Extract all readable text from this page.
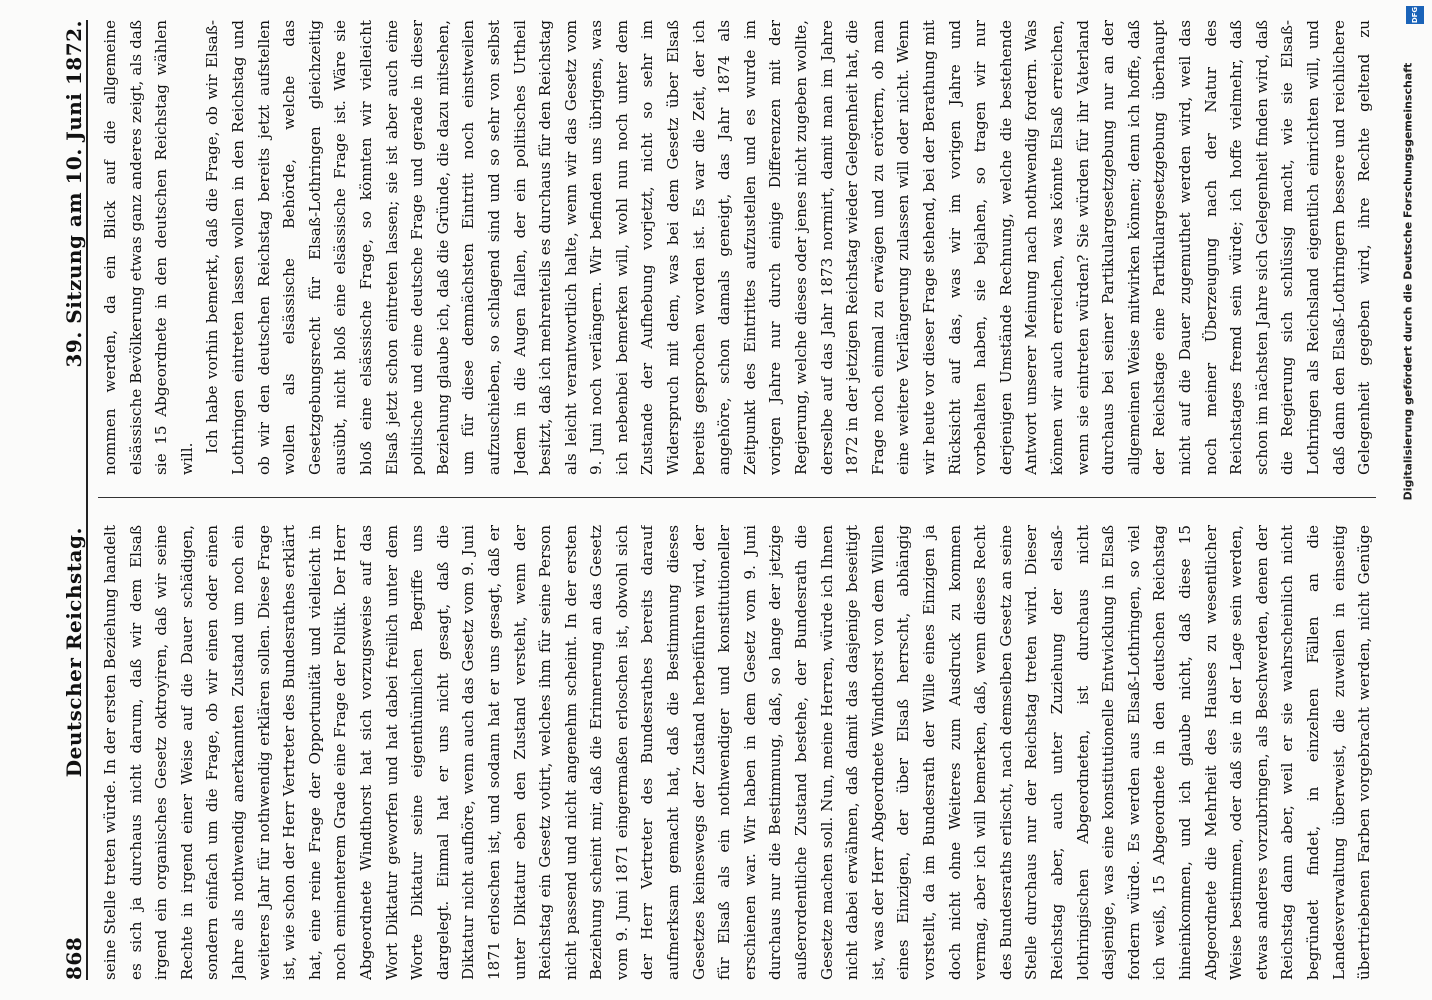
868
Deutscher Reichstag.
39. Sitzung am 10. Juni 1872.

seine Stelle treten würde. In der ersten Beziehung handelt es sich ja durchaus nicht darum, daß wir dem Elsaß irgend ein organisches Gesetz oktroyiren, daß wir seine Rechte in irgend einer Weise auf die Dauer schädigen, sondern einfach um die Frage, ob wir einen oder einen Jahre als nothwendig anerkannten Zustand um noch ein weiteres Jahr für nothwendig erklären sollen. Diese Frage ist, wie schon der Herr Vertreter des Bundesrathes erklärt hat, eine reine Frage der Opportunität und vielleicht in noch eminenterem Grade eine Frage der Politik. Der Herr Abgeordnete Windthorst hat sich vorzugsweise auf das Wort Diktatur geworfen und hat dabei freilich unter dem Worte Diktatur seine eigenthümlichen Begriffe uns dargelegt. Einmal hat er uns nicht gesagt, daß die Diktatur nicht aufhöre, wenn auch das Gesetz vom 9. Juni 1871 erloschen ist, und sodann hat er uns gesagt, daß er unter Diktatur eben den Zustand versteht, wenn der Reichstag ein Gesetz votirt, welches ihm für seine Person nicht passend und nicht angenehm scheint. In der ersten Beziehung scheint mir, daß die Erinnerung an das Gesetz vom 9. Juni 1871 eingermaßen erloschen ist, obwohl sich der Herr Vertreter des Bundesrathes bereits darauf aufmerksam gemacht hat, daß die Bestimmung dieses Gesetzes keineswegs der Zustand herbeiführen wird, der für Elsaß als ein nothwendiger und konstitutioneller erschienen war. Wir haben in dem Gesetz vom 9. Juni durchaus nur die Bestimmung, daß, so lange der jetzige außerordentliche Zustand bestehe, der Bundesrath die Gesetze machen soll. Nun, meine Herren, würde ich Ihnen nicht dabei erwähnen, daß damit das dasjenige beseitigt ist, was der Herr Abgeordnete Windthorst von dem Willen eines Einzigen, der über Elsaß herrscht, abhängig vorstellt, da im Bundesrath der Wille eines Einzigen ja doch nicht ohne Weiteres zum Ausdruck zu kommen vermag, aber ich will bemerken, daß, wenn dieses Recht des Bundesraths erlischt, nach demselben Gesetz an seine Stelle durchaus nur der Reichstag treten wird. Dieser Reichstag aber, auch unter Zuziehung der elsaß-lothringischen Abgeordneten, ist durchaus nicht dasjenige, was eine konstitutionelle Entwicklung in Elsaß fordern würde. Es werden aus Elsaß-Lothringen, so viel ich weiß, 15 Abgeordnete in den deutschen Reichstag hineinkommen, und ich glaube nicht, daß diese 15 Abgeordnete die Mehrheit des Hauses zu wesentlicher Weise bestimmen, oder daß sie in der Lage sein werden, etwas anderes vorzubringen, als Beschwerden, denen der Reichstag dann aber, weil er sie wahrscheinlich nicht begründet findet, in einzelnen Fällen an die Landesverwaltung überweist, die zuweilen in einseitig übertriebenen Farben vorgebracht werden, nicht Genüge

nommen werden, da ein Blick auf die allgemeine elsässische Bevölkerung etwas ganz anderes zeigt, als daß sie 15 Abgeordnete in den deutschen Reichstag wählen will.

Ich habe vorhin bemerkt, daß die Frage, ob wir Elsaß-Lothringen eintreten lassen wollen in den Reichstag und ob wir den deutschen Reichstag bereits jetzt aufstellen wollen als elsässische Behörde, welche das Gesetzgebungsrecht für Elsaß-Lothringen gleichzeitig ausübt, nicht bloß eine elsässische Frage ist. Wäre sie bloß eine elsässische Frage, so könnten wir vielleicht Elsaß jetzt schon eintreten lassen; sie ist aber auch eine politische und eine deutsche Frage und gerade in dieser Beziehung glaube ich, daß die Gründe, die dazu mitsehen, um für diese demnächsten Eintritt noch einstweilen aufzuschieben, so schlagend sind und so sehr von selbst Jedem in die Augen fallen, der ein politisches Urtheil besitzt, daß ich mehrenteils es durchaus für den Reichstag als leicht verantwortlich halte, wenn wir das Gesetz vom 9. Juni noch verlängern. Wir befinden uns übrigens, was ich nebenbei bemerken will, wohl nun noch unter dem Zustande der Aufhebung vorjetzt, nicht so sehr im Widerspruch mit dem, was bei dem Gesetz über Elsaß bereits gesprochen worden ist. Es war die Zeit, der ich angehöre, schon damals geneigt, das Jahr 1874 als Zeitpunkt des Eintrittes aufzustellen und es wurde im vorigen Jahre nur durch einige Differenzen mit der Regierung, welche dieses oder jenes nicht zugeben wollte, derselbe auf das Jahr 1873 normirt, damit man im Jahre 1872 in der jetzigen Reichstag wieder Gelegenheit hat, die Frage noch einmal zu erwägen und zu erörtern, ob man eine weitere Verlängerung zulassen will oder nicht. Wenn wir heute vor dieser Frage stehend, bei der Berathung mit Rücksicht auf das, was wir im vorigen Jahre und vorbehalten haben, sie bejahen, so tragen wir nur derjenigen Umstände Rechnung, welche die bestehende Antwort unserer Meinung nach nothwendig fordern. Was können wir auch erreichen, was könnte Elsaß erreichen, wenn sie eintreten würden? Sie würden für ihr Vaterland durchaus bei seiner Partikulargesetzgebung nur an der allgemeinen Weise mitwirken können; denn ich hoffe, daß der Reichstage eine Partikulargesetzgebung überhaupt nicht auf die Dauer zugemuthet werden wird, weil das noch meiner Überzeugung nach der Natur des Reichstages fremd sein würde; ich hoffe vielmehr, daß schon im nächsten Jahre sich Gelegenheit finden wird, daß die Regierung sich schlüssig macht, wie sie Elsaß-Lothringen als Reichsland eigentlich einrichten will, und daß dann den Elsaß-Lothringern bessere und reichlichere Gelegenheit gegeben wird, ihre Rechte geltend zu

DFG
Digitalisierung gefördert durch die Deutsche Forschungsgemeinschaft
